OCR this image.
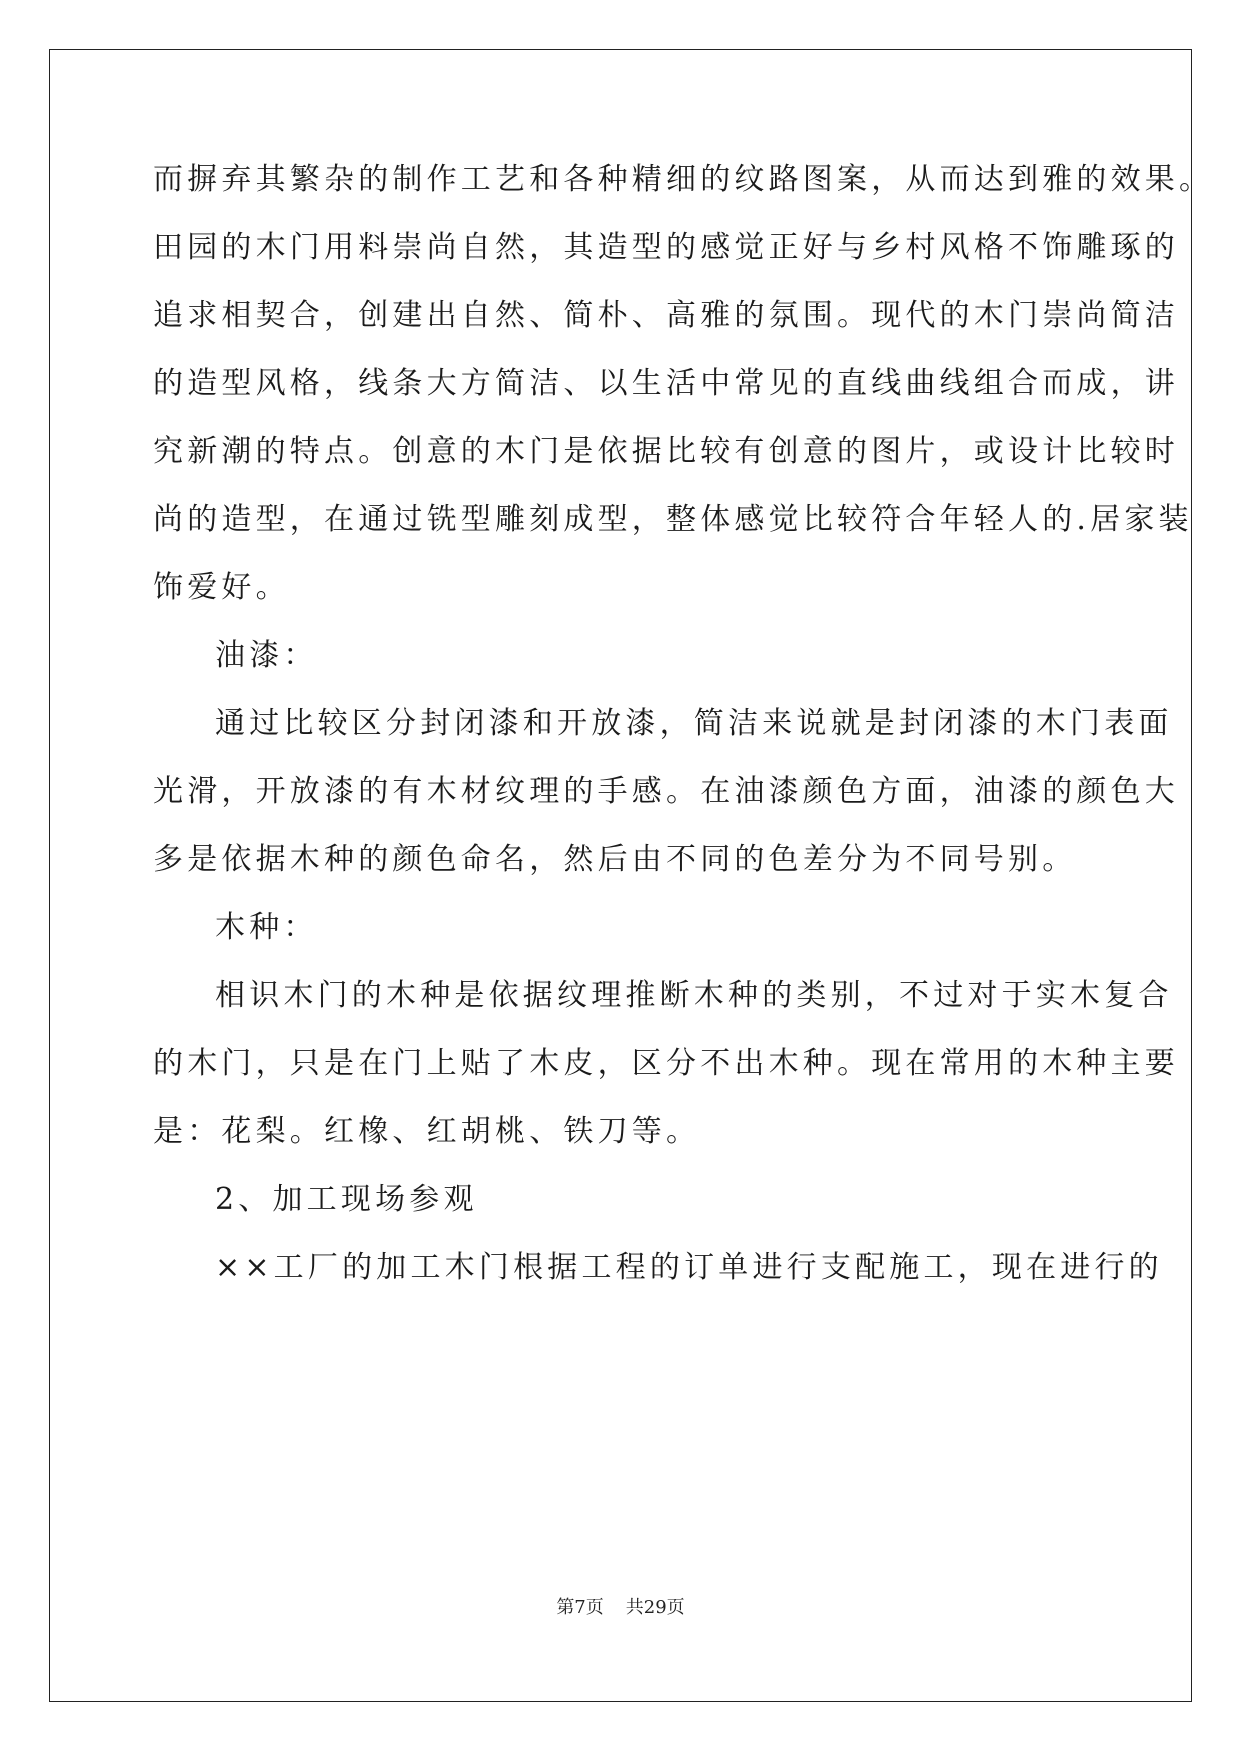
而摒弃其繁杂的制作工艺和各种精细的纹路图案，从而达到雅的效果。
田园的木门用料崇尚自然，其造型的感觉正好与乡村风格不饰雕琢的
追求相契合，创建出自然、简朴、高雅的氛围。现代的木门崇尚简洁
的造型风格，线条大方简洁、以生活中常见的直线曲线组合而成，讲
究新潮的特点。创意的木门是依据比较有创意的图片，或设计比较时
尚的造型，在通过铣型雕刻成型，整体感觉比较符合年轻人的.居家装
饰爱好。
油漆：
通过比较区分封闭漆和开放漆，简洁来说就是封闭漆的木门表面
光滑，开放漆的有木材纹理的手感。在油漆颜色方面，油漆的颜色大
多是依据木种的颜色命名，然后由不同的色差分为不同号别。
木种：
相识木门的木种是依据纹理推断木种的类别，不过对于实木复合
的木门，只是在门上贴了木皮，区分不出木种。现在常用的木种主要
是：花梨。红橡、红胡桃、铁刀等。
2、加工现场参观
××工厂的加工木门根据工程的订单进行支配施工，现在进行的
第7页 共29页
